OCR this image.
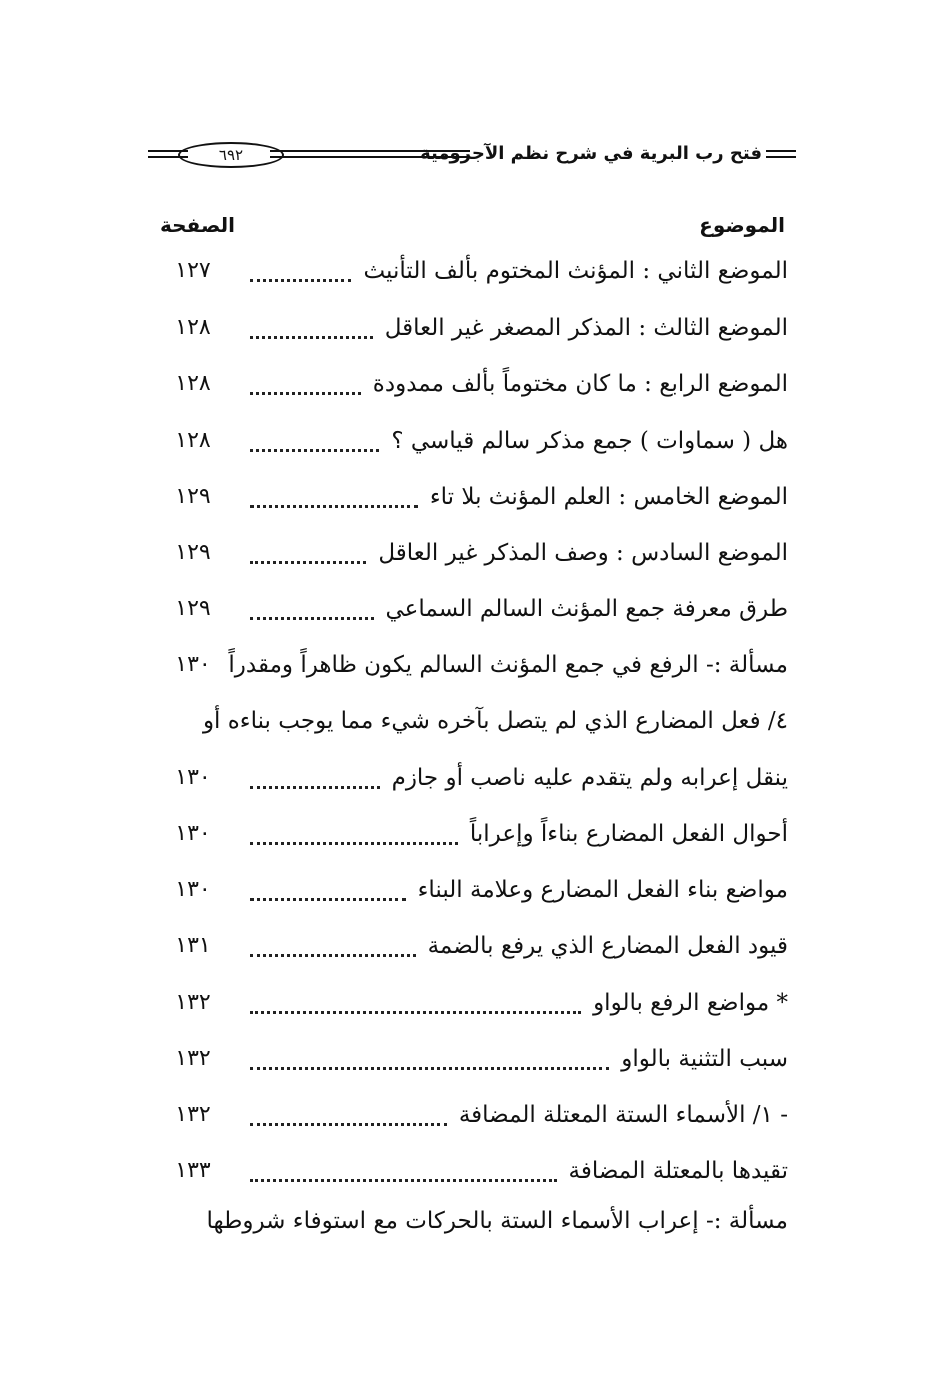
٦٩٢	فتح رب البرية في شرح نظم الآجرومية
الموضوع
الصفحة
الموضع الثاني : المؤنث المختوم بألف التأنيث
١٢٧
الموضع الثالث : المذكر المصغر غير العاقل
١٢٨
الموضع الرابع : ما كان مختوماً بألف ممدودة
١٢٨
هل ( سماوات ) جمع مذكر سالم قياسي ؟
١٢٨
الموضع الخامس : العلم المؤنث بلا تاء
١٢٩
الموضع السادس : وصف المذكر غير العاقل
١٢٩
طرق معرفة جمع المؤنث السالم السماعي
١٢٩
مسألة :- الرفع في جمع المؤنث السالم يكون ظاهراً ومقدراً
١٣٠
٤/ فعل المضارع الذي لم يتصل بآخره شيء مما يوجب بناءه أو
ينقل إعرابه ولم يتقدم عليه ناصب أو جازم
١٣٠
أحوال الفعل المضارع بناءاً وإعراباً
١٣٠
مواضع بناء الفعل المضارع وعلامة البناء
١٣٠
قيود الفعل المضارع الذي يرفع بالضمة
١٣١
* مواضع الرفع بالواو
١٣٢
سبب التثنية بالواو
١٣٢
- ١/ الأسماء الستة المعتلة المضافة
١٣٢
تقيدها بالمعتلة المضافة
١٣٣
مسألة :- إعراب الأسماء الستة بالحركات مع استوفاء شروطها
